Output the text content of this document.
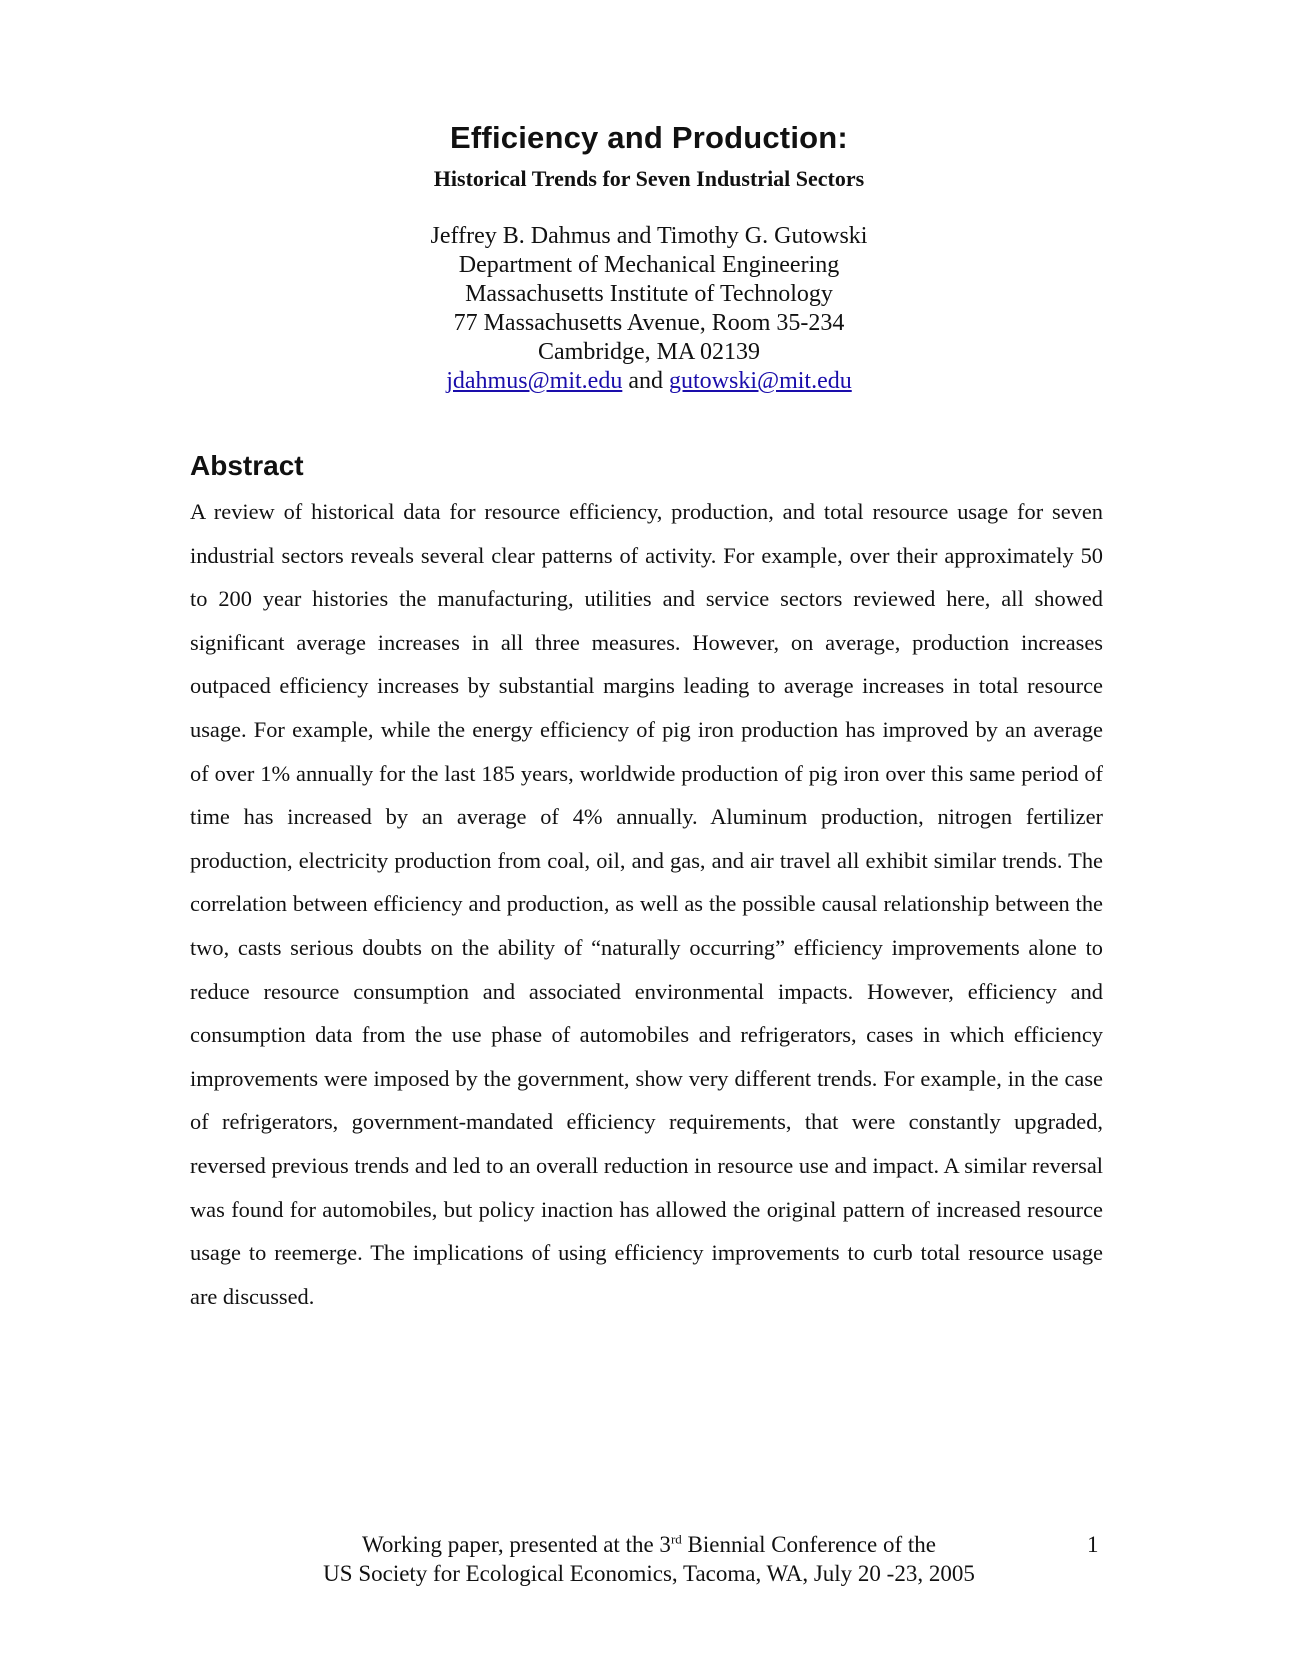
Efficiency and Production:
Historical Trends for Seven Industrial Sectors
Jeffrey B. Dahmus and Timothy G. Gutowski
Department of Mechanical Engineering
Massachusetts Institute of Technology
77 Massachusetts Avenue, Room 35-234
Cambridge, MA 02139
jdahmus@mit.edu and gutowski@mit.edu
Abstract
A review of historical data for resource efficiency, production, and total resource usage for seven industrial sectors reveals several clear patterns of activity. For example, over their approximately 50 to 200 year histories the manufacturing, utilities and service sectors reviewed here, all showed significant average increases in all three measures. However, on average, production increases outpaced efficiency increases by substantial margins leading to average increases in total resource usage. For example, while the energy efficiency of pig iron production has improved by an average of over 1% annually for the last 185 years, worldwide production of pig iron over this same period of time has increased by an average of 4% annually. Aluminum production, nitrogen fertilizer production, electricity production from coal, oil, and gas, and air travel all exhibit similar trends. The correlation between efficiency and production, as well as the possible causal relationship between the two, casts serious doubts on the ability of “naturally occurring” efficiency improvements alone to reduce resource consumption and associated environmental impacts. However, efficiency and consumption data from the use phase of automobiles and refrigerators, cases in which efficiency improvements were imposed by the government, show very different trends. For example, in the case of refrigerators, government-mandated efficiency requirements, that were constantly upgraded, reversed previous trends and led to an overall reduction in resource use and impact. A similar reversal was found for automobiles, but policy inaction has allowed the original pattern of increased resource usage to reemerge. The implications of using efficiency improvements to curb total resource usage are discussed.
Working paper, presented at the 3rd Biennial Conference of the
US Society for Ecological Economics, Tacoma, WA, July 20 -23, 2005
1
